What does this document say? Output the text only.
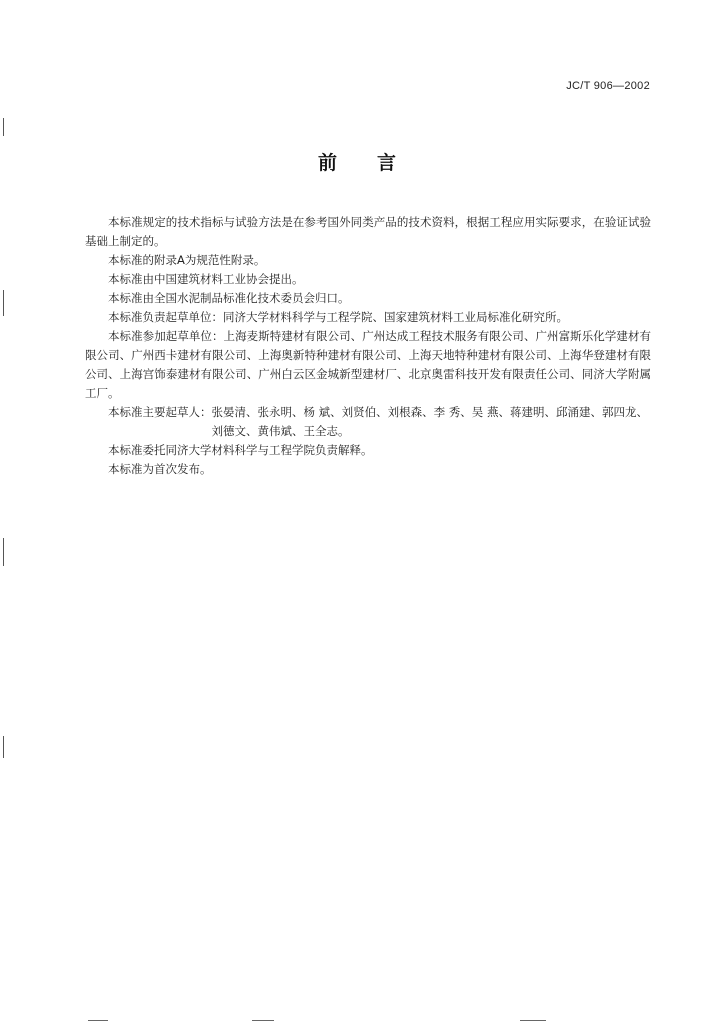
JC/T 906—2002
前言

本标准规定的技术指标与试验方法是在参考国外同类产品的技术资料，根据工程应用实际要求，在验证试验基础上制定的。

本标准的附录A为规范性附录。

本标准由中国建筑材料工业协会提出。

本标准由全国水泥制品标准化技术委员会归口。

本标准负责起草单位：同济大学材料科学与工程学院、国家建筑材料工业局标准化研究所。

本标准参加起草单位：上海麦斯特建材有限公司、广州达成工程技术服务有限公司、广州富斯乐化学建材有限公司、广州西卡建材有限公司、上海奥新特种建材有限公司、上海天地特种建材有限公司、上海华登建材有限公司、上海宫饰泰建材有限公司、广州白云区金城新型建材厂、北京奥雷科技开发有限责任公司、同济大学附属工厂。

本标准主要起草人： 张晏清、张永明、杨 斌、刘贤伯、刘根森、李 秀、吴 燕、蒋建明、邱涌建、郭四龙、刘德文、黄伟斌、王全志。

本标准委托同济大学材料科学与工程学院负责解释。

本标准为首次发布。
